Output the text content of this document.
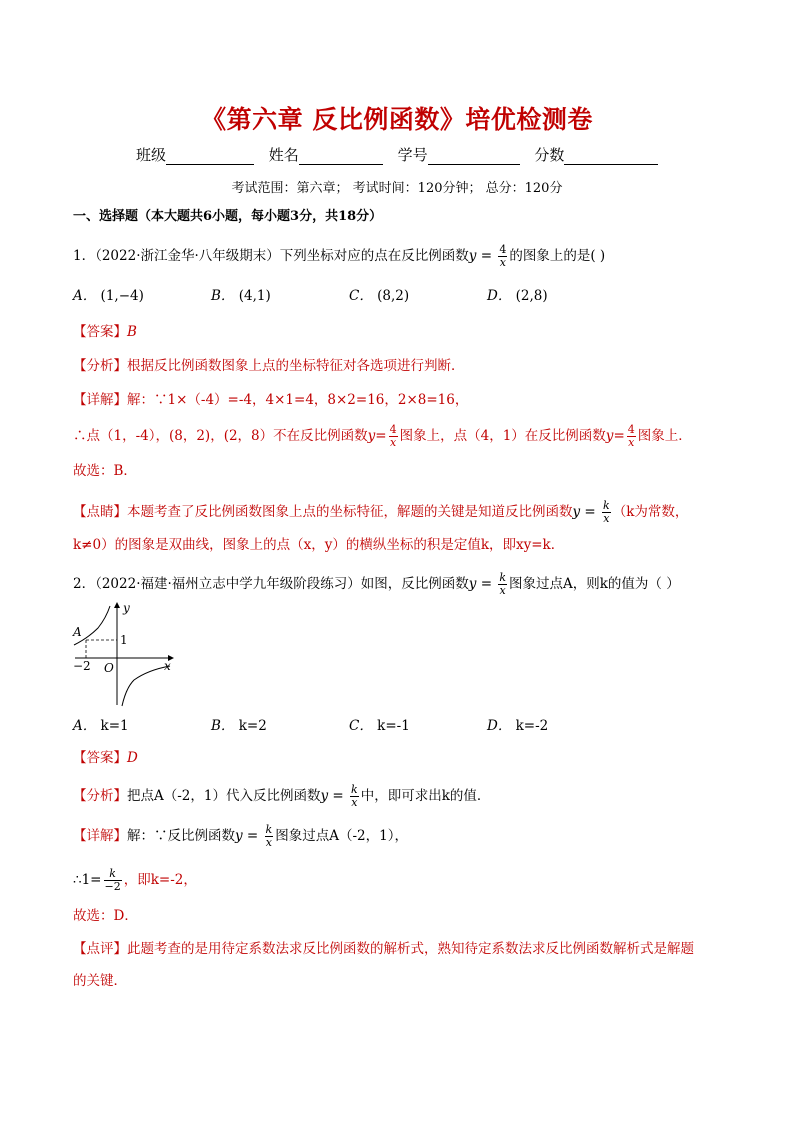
《第六章 反比例函数》培优检测卷
班级	姓名	学号	分数
考试范围：第六章； 考试时间：120分钟； 总分：120分
一、选择题（本大题共6小题，每小题3分，共18分）
1．（2022·浙江金华·八年级期末）下列坐标对应的点在反比例函数$y = \frac{4}{x}$ 的图象上的是( )
A． (1,−4)	B． (4,1)	C． (8,2)	D． (2,8)
【答案】B
【分析】根据反比例函数图象上点的坐标特征对各选项进行判断．
【详解】解：∵1×（-4）=-4，4×1=4，8×2=16，2×8=16，
∴点（1，-4），(8，2)，(2，8）不在反比例函数$y= \frac{4}{x}$ 图象上，点（4，1）在反比例函数$y= \frac{4}{x}$ 图象上．
故选：B．
【点睛】本题考查了反比例函数图象上点的坐标特征，解题的关键是知道反比例函数$y = \frac{k}{x} (k$为常数，
k≠0）的图象是双曲线，图象上的点（x，y）的横纵坐标的积是定值k，即xy=k．
2．（2022·福建·福州立志中学九年级阶段练习）如图，反比例函数$y = \frac{k}{x}$ 图象过点A，则k的值为（ ）
y
x
O
A
−2
1
A． k=1	B． k=2	C． k=-1	D． k=-2
【答案】D
【分析】把点A（-2，1）代入反比例函数$y = \frac{k}{x}$ 中，即可求出k的值．
【详解】解：∵反比例函数$y = \frac{k}{x}$ 图象过点A（-2，1），
∴1= $\frac{k}{-2}$ ，即k=-2，
故选：D．
【点评】此题考查的是用待定系数法求反比例函数的解析式，熟知待定系数法求反比例函数解析式是解题
的关键．
